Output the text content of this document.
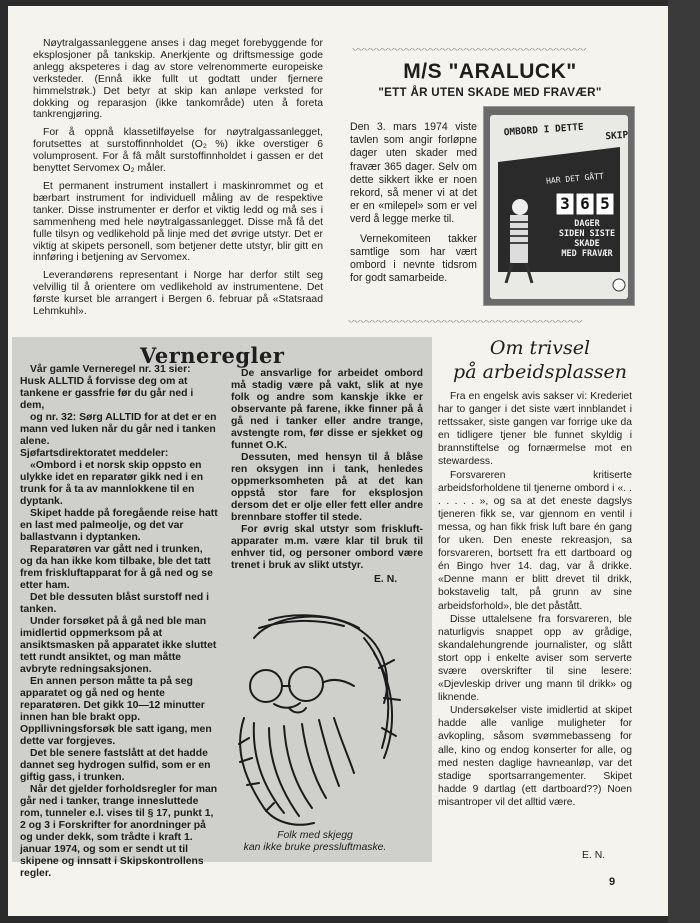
Nøytralgassanleggene anses i dag meget forebyggende for eksplosjoner på tankskip. Anerkjente og driftsmessige gode anlegg akspeteres i dag av store velrenommerte europeiske verksteder. (Ennå ikke fullt ut godtatt under fjernere himmelstrøk.) Det betyr at skip kan anløpe verksted for dokking og reparasjon (ikke tankområde) uten å foreta tankrengjøring.

For å oppnå klassetilføyelse for nøytralgassanlegget, forutsettes at surstoffinnholdet (O₂ %) ikke overstiger 6 volumprosent. For å fâ målt surstoffinnholdet i gassen er det benyttet Servomex O₂ måler.

Et permanent instrument installert i maskinrommet og et bærbart instrument for individuell måling av de respektive tanker. Disse instrumenter er derfor et viktig ledd og må ses i sammenheng med hele nøytralgassanlegget. Disse må få det fulle tilsyn og vedlikehold på linje med det øvrige utstyr. Det er viktig at skipets personell, som betjener dette utstyr, blir gitt en innføring i betjening av Servomex.

Leverandørens representant i Norge har derfor stilt seg velvillig til å orientere om vedlikehold av instrumentene. Det første kurset ble arrangert i Bergen 6. februar på «Statsraad Lehmkuhl».

⸜⸝⸜⸝⸜⸝⸜⸝⸜⸝⸜⸝⸜⸝⸜⸝⸜⸝⸜⸝⸜⸝⸜⸝⸜⸝⸜⸝⸜⸝⸜⸝⸜⸝⸜⸝⸜⸝⸜⸝⸜⸝⸜⸝⸜⸝⸜⸝⸜⸝⸜⸝⸜⸝⸜⸝⸜⸝⸜⸝⸜⸝⸜⸝⸜⸝⸜⸝⸜⸝⸜⸝⸜⸝⸜⸝⸜⸝
⸜⸝⸜⸝⸜⸝⸜⸝⸜⸝⸜⸝⸜⸝⸜⸝⸜⸝⸜⸝⸜⸝⸜⸝⸜⸝⸜⸝⸜⸝⸜⸝⸜⸝⸜⸝⸜⸝⸜⸝⸜⸝⸜⸝⸜⸝⸜⸝⸜⸝⸜⸝⸜⸝⸜⸝⸜⸝⸜⸝⸜⸝⸜⸝⸜⸝⸜⸝⸜⸝⸜⸝⸜⸝⸜⸝⸜⸝
M/S "ARALUCK"
"ETT ÅR UTEN SKADE MED FRAVÆR"

Den 3. mars 1974 viste tavlen som angir forløpne dager uten skader med fravær 365 dager. Selv om dette sikkert ikke er noen rekord, så mener vi at det er en «milepel» som er vel verd å legge merke til.

Vernekomiteen takker samtlige som har vært ombord i nevnte tidsrom for godt samarbeide.

OMBORD I DETTE	SKIP
HAR DET GÅTT
3 6 5
DAGER
SIDEN SISTE
SKADE
MED FRAVÆR
Verneregler

Vår gamle Verneregel nr. 31 sier: Husk ALLTID å forvisse deg om at tankene er gassfrie før du går ned i dem,

og nr. 32: Sørg ALLTID for at det er en mann ved luken når du går ned i tanken alene.

Sjøfartsdirektoratet meddeler:

«Ombord i et norsk skip oppsto en ulykke idet en reparatør gikk ned i en trunk for å ta av mannlokkene til en dyptank.

Skipet hadde på foregående reise hatt en last med palmeolje, og det var ballastvann i dyptanken.

Reparatøren var gått ned i trunken, og da han ikke kom tilbake, ble det tatt frem friskluftapparat for å gå ned og se etter ham.

Det ble dessuten blåst surstoff ned i tanken.

Under forsøket på å gå ned ble man imidlertid oppmerksom på at ansiktsmasken på apparatet ikke sluttet tett rundt ansiktet, og man måtte avbryte redningsaksjonen.

En annen person måtte ta på seg apparatet og gå ned og hente reparatøren. Det gikk 10—12 minutter innen han ble brakt opp. Oppllivningsforsøk ble satt igang, men dette var forgjeves.

Det ble senere fastslått at det hadde dannet seg hydrogen sulfid, som er en giftig gass, i trunken.

Når det gjelder forholdsregler for man går ned i tanker, trange innesluttede rom, tunneler e.l. vises til § 17, punkt 1, 2 og 3 i Forskrifter for anordninger på og under dekk, som trådte i kraft 1. januar 1974, og som er sendt ut til skipene og innsatt i Skipskontrollens regler.

De ansvarlige for arbeidet ombord må stadig være på vakt, slik at nye folk og andre som kanskje ikke er observante på farene, ikke finner på å gå ned i tanker eller andre trange, avstengte rom, før disse er sjekket og funnet O.K.

Dessuten, med hensyn til å blåse ren oksygen inn i tank, henledes oppmerksomheten på at det kan oppstå stor fare for eksplosjon dersom det er olje eller fett eller andre brennbare stoffer til stede.

For øvrig skal utstyr som friskluft-apparater m.m. være klar til bruk til enhver tid, og personer ombord være trenet i bruk av slikt utstyr.

E. N.

Folk med skjegg
kan ikke bruke pressluftmaske.
Om trivsel
på arbeidsplassen

Fra en engelsk avis sakser vi: Krederiet har to ganger i det siste vært innblandet i rettssaker, siste gangen var forrige uke da en tidligere tjener ble funnet skyldig i brannstiftelse og fornærmelse mot en stewardess.

Forsvareren kritiserte arbeidsforholdene til tjenerne ombord i «. . . . . . . », og sa at det eneste dagslys tjeneren fikk se, var gjennom en ventil i messa, og han fikk frisk luft bare én gang for uken. Den eneste rekreasjon, sa forsvareren, bortsett fra ett dartboard og én Bingo hver 14. dag, var å drikke. «Denne mann er blitt drevet til drikk, bokstavelig talt, på grunn av sine arbeidsforhold», ble det påstått.

Disse uttalelsene fra forsvareren, ble naturligvis snappet opp av grådige, skandalehungrende journalister, og slått stort opp i enkelte aviser som serverte svære overskrifter til sine lesere: «Djevleskip driver ung mann til drikk» og liknende.

Undersøkelser viste imidlertid at skipet hadde alle vanlige muligheter for avkopling, såsom svømmebasseng for alle, kino og endog konserter for alle, og med nesten daglige havneanløp, var det stadige sportsarrangementer. Skipet hadde 9 dartlag (ett dartboard??) Noen misantroper vil det alltid være.

E. N.

9
